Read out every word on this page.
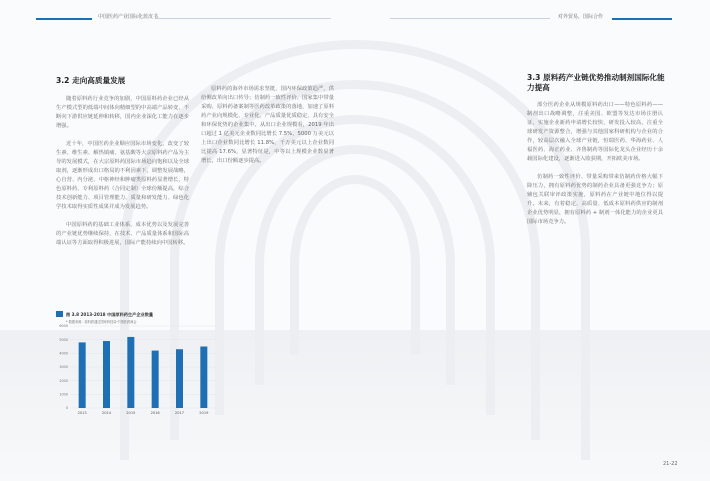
中国医药产业国际化蓝皮书	对外贸易，国际合作
3.2 走向高质量发展

随着原料药行业竞争的加剧，中国原料药企业已经从生产模式型的低端中间体向精细型的中高端产品转变，不断向下游供应链延伸和转移，国内企业深化工能力在逐步增强。

近十年，中国医药企业顺应国际市场变化，改变了较生素、维生素、解热镇痛、氨基酸等大宗原料药产品为主导的发展模式，在大宗原料药国际市场趋向饱和以及全球取剂，逐渐形成出口格局的不利因素下，调整发展战略，心自营、内分泌、中枢神经和肿瘤类原料药显著增长，特色原料药、专利原料药（合同定制）全球份额提高，综合技术创新能力、项目管理能力、质量和研发能力、绿色化学技术取得实质性成果并成为发展趋势。

中国原料药的基础工业体系、成本优势以及发展完善的产业链优势继续保持，在技术、产品质量体系和国际高端认证等方面取得积极进展，国际产能持续向中国转移。

原料药的海外市场需求坚挺，国内环保政策趋严，供给侧改革向出口传导；仿制药一致性评价、国家集中带量采购、原料药备案制等医药改革政策的落地，加速了原料药产业向规模化、专业化、产品质量优质稳定、具有安全和环保优势的企业集中。从出口企业规模看，2019 年出口超过 1 亿美元企业数同比增长 7.5%，5000 万美元以上出口企业数同比增长 11.8%，千万美元以上企业数同比提高 17.6%，显著特征是，中等以上规模企业数显著增长，出口份额逐步提高。

图 3.8 2013-2018 中国原料药生产企业数量
* 数据来源：原料药通过国家科技局·中国医药商会
0
1000
2000
3000
4000
5000
6000
2013	2014	2015	2016	2017	2019
3.3 原料药产业链优势推动制剂国际化能力提高

部分医药企业从规模原料药出口——特色原料药——制剂出口战略调整，注重美国、欧盟等发达市场注册认证，实施企业新药申请增长较快，研发投入较高，注重全球研发产资源整合，增强与其他国家科研机构与企业的合作，较高层次融入全球产业链，恒瑞医药、华海药业、人福医药、海正药业、齐鲁制药等国际化龙头企业经历十余载国际化建设，逐渐进入收获期，开拓欧美市场。

仿制药一致性评价、带量采购带来仿制药价格大幅下降压力，拥有原料药优势的制药企业具备更强竞争力；原辅包关联审评政策实施，原料药在产业链中地位得以提升。未来，有着稳定、高质量、低成本原料药供应的制剂企业优势明显，拥有原料药 + 制剂一体化能力的企业更具国际市场竞争力。

21-22
